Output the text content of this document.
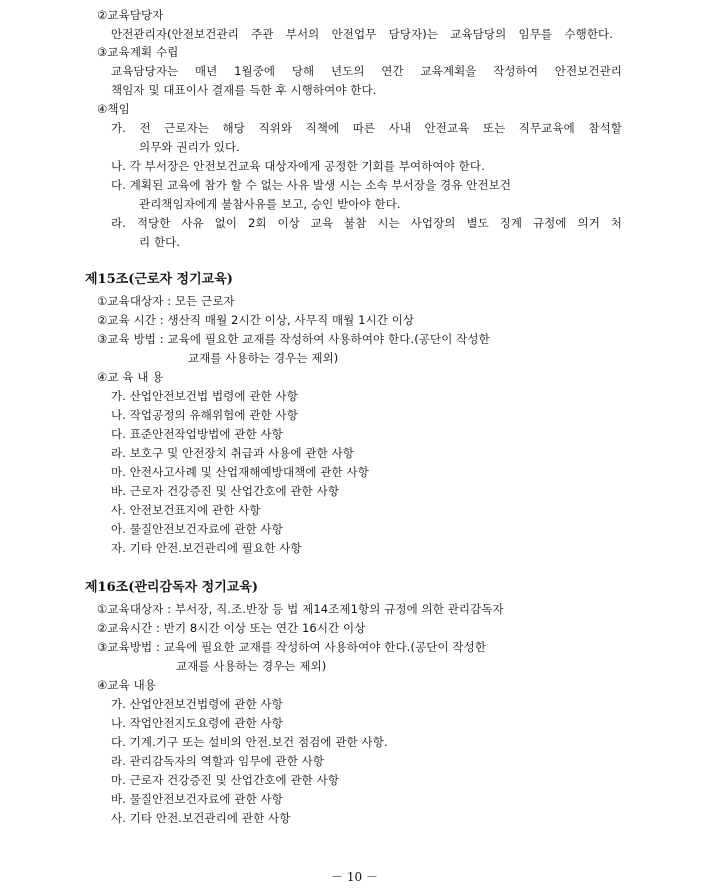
②교육담당자
안전관리자(안전보건관리 주관 부서의 안전업무 담당자)는 교육담당의 임무를 수행한다.
③교육계획 수립
교육담당자는 매년 1월중에 당해 년도의 연간 교육계획을 작성하여 안전보건관리
책임자 및 대표이사 결재를 득한 후 시행하여야 한다.
④책임
가. 전 근로자는 해당 직위와 직책에 따른 사내 안전교육 또는 직무교육에 참석할
의무와 권리가 있다.
나. 각 부서장은 안전보건교육 대상자에게 공정한 기회를 부여하여야 한다.
다. 계획된 교육에 참가 할 수 없는 사유 발생 시는 소속 부서장을 경유 안전보건
관리책임자에게 불참사유를 보고, 승인 받아야 한다.
라. 적당한 사유 없이 2회 이상 교육 불참 시는 사업장의 별도 징계 규정에 의거 처
리 한다.
제15조(근로자 정기교육)
①교육대상자 : 모든 근로자
②교육 시간 : 생산직 매월 2시간 이상, 사무직 매월 1시간 이상
③교육 방법 : 교육에 필요한 교재를 작성하여 사용하여야 한다.(공단이 작성한
교재를 사용하는 경우는 제외)
④교 육 내 용
가. 산업안전보건법 법령에 관한 사항
나. 작업공정의 유해위험에 관한 사항
다. 표준안전작업방법에 관한 사항
라. 보호구 및 안전장치 취급과 사용에 관한 사항
마. 안전사고사례 및 산업재해예방대책에 관한 사항
바. 근로자 건강증진 및 산업간호에 관한 사항
사. 안전보건표지에 관한 사항
아. 물질안전보건자료에 관한 사항
자. 기타 안전.보건관리에 필요한 사항
제16조(관리감독자 정기교육)
①교육대상자 : 부서장, 직.조.반장 등 법 제14조제1항의 규정에 의한 관리감독자
②교육시간 : 반기 8시간 이상 또는 연간 16시간 이상
③교육방법 : 교육에 필요한 교재를 작성하여 사용하여야 한다.(공단이 작성한
교재를 사용하는 경우는 제외)
④교육 내용
가. 산업안전보건법령에 관한 사항
나. 작업안전지도요령에 관한 사항
다. 기계.기구 또는 설비의 안전.보건 점검에 관한 사항.
라. 관리감독자의 역할과 임무에 관한 사항
마. 근로자 건강증진 및 산업간호에 관한 사항
바. 물질안전보건자료에 관한 사항
사. 기타 안전.보건관리에 관한 사항
－ 10 －
